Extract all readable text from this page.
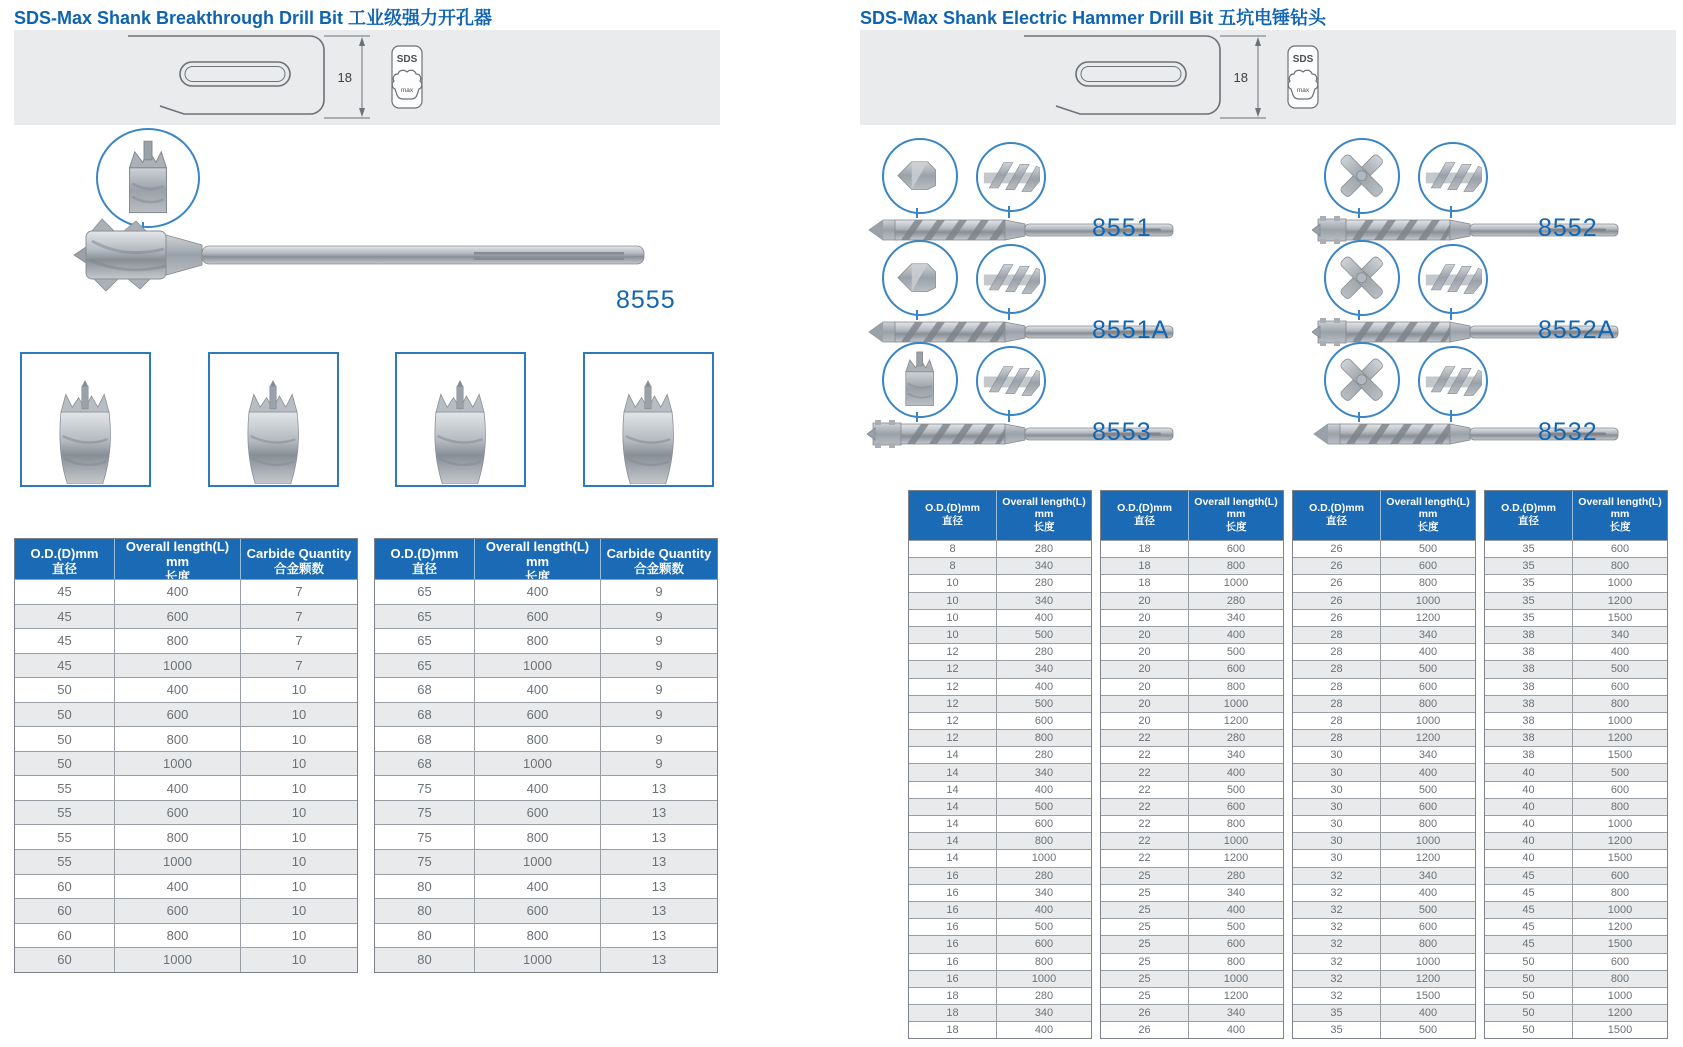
SDS-Max Shank Breakthrough Drill Bit 工业级强力开孔器
18
SDS
max
8555
O.D.(D)mm
直径
Overall length(L) mm
长度
Carbide Quantity
合金颗数
45	400	7
45	600	7
45	800	7
45	1000	7
50	400	10
50	600	10
50	800	10
50	1000	10
55	400	10
55	600	10
55	800	10
55	1000	10
60	400	10
60	600	10
60	800	10
60	1000	10
O.D.(D)mm
直径
Overall length(L) mm
长度
Carbide Quantity
合金颗数
65	400	9
65	600	9
65	800	9
65	1000	9
68	400	9
68	600	9
68	800	9
68	1000	9
75	400	13
75	600	13
75	800	13
75	1000	13
80	400	13
80	600	13
80	800	13
80	1000	13
SDS-Max Shank Electric Hammer Drill Bit 五坑电锤钻头
18
SDS
max
8551
8551A
8553
8552
8552A
8532
O.D.(D)mm
直径
Overall length(L) mm
长度
8	280
8	340
10	280
10	340
10	400
10	500
12	280
12	340
12	400
12	500
12	600
12	800
14	280
14	340
14	400
14	500
14	600
14	800
14	1000
16	280
16	340
16	400
16	500
16	600
16	800
16	1000
18	280
18	340
18	400
O.D.(D)mm
直径
Overall length(L) mm
长度
18	600
18	800
18	1000
20	280
20	340
20	400
20	500
20	600
20	800
20	1000
20	1200
22	280
22	340
22	400
22	500
22	600
22	800
22	1000
22	1200
25	280
25	340
25	400
25	500
25	600
25	800
25	1000
25	1200
26	340
26	400
O.D.(D)mm
直径
Overall length(L) mm
长度
26	500
26	600
26	800
26	1000
26	1200
28	340
28	400
28	500
28	600
28	800
28	1000
28	1200
30	340
30	400
30	500
30	600
30	800
30	1000
30	1200
32	340
32	400
32	500
32	600
32	800
32	1000
32	1200
32	1500
35	400
35	500
O.D.(D)mm
直径
Overall length(L) mm
长度
35	600
35	800
35	1000
35	1200
35	1500
38	340
38	400
38	500
38	600
38	800
38	1000
38	1200
38	1500
40	500
40	600
40	800
40	1000
40	1200
40	1500
45	600
45	800
45	1000
45	1200
45	1500
50	600
50	800
50	1000
50	1200
50	1500
